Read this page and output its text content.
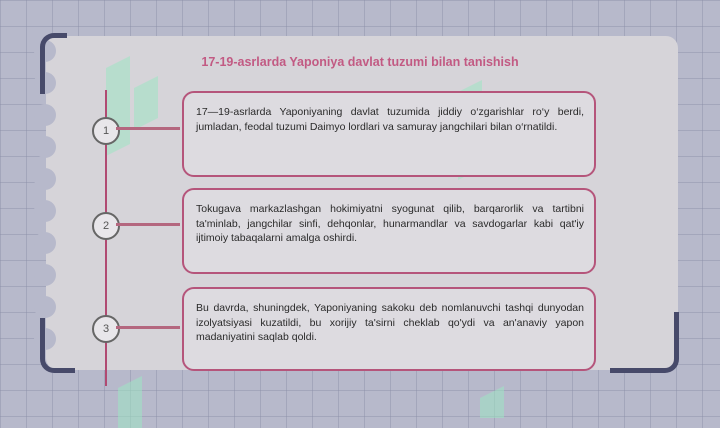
17-19-asrlarda Yaponiya davlat tuzumi bilan tanishish
1

17—19-asrlarda Yaponiyaning davlat tuzumida jiddiy o‘zgarishlar ro‘y berdi, jumladan, feodal tuzumi Daimyo lordlari va samuray jangchilari bilan o‘rnatildi.

2

Tokugava markazlashgan hokimiyatni syogunat qilib, barqarorlik va tartibni ta'minlab, jangchilar sinfi, dehqonlar, hunarmandlar va savdogarlar kabi qat'iy ijtimoiy tabaqalarni amalga oshirdi.

3

Bu davrda, shuningdek, Yaponiyaning sakoku deb nomlanuvchi tashqi dunyodan izolyatsiyasi kuzatildi, bu xorijiy ta'sirni cheklab qo'ydi va an'anaviy yapon madaniyatini saqlab qoldi.
